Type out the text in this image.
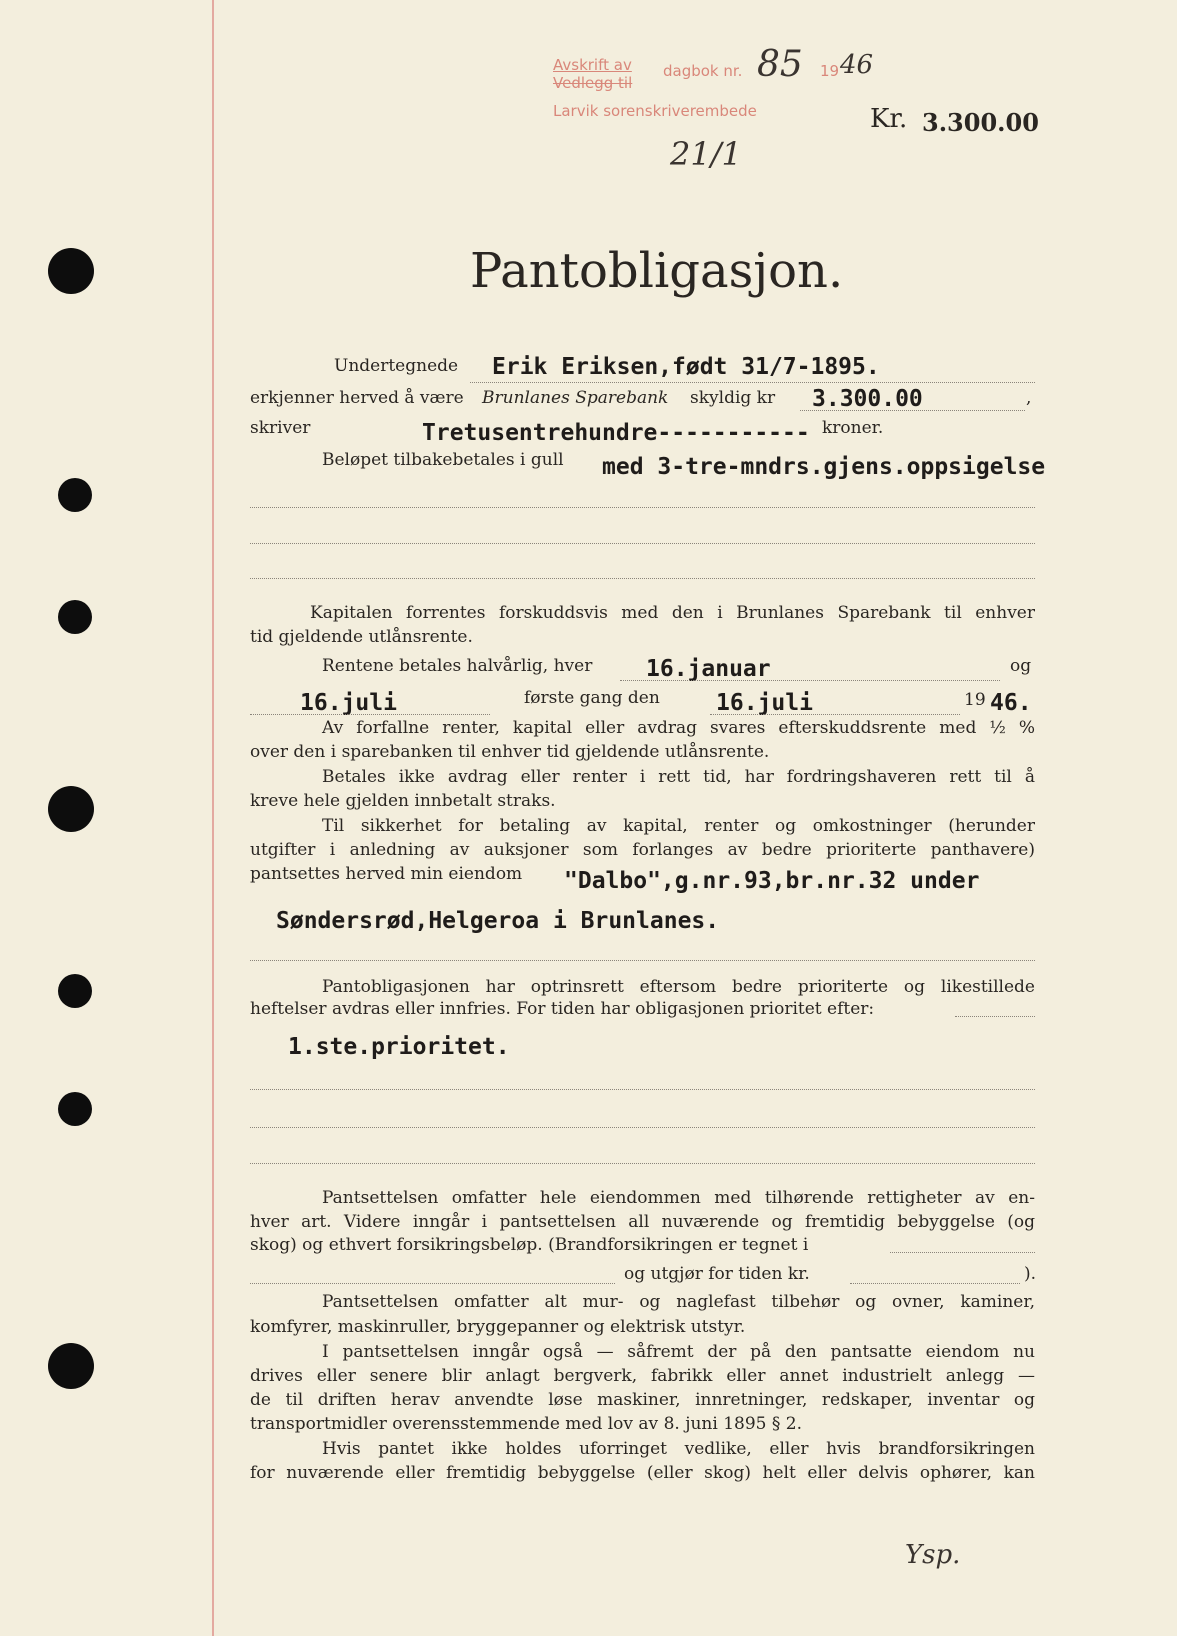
Avskrift av
Vedlegg til
dagbok nr. 85 19 46
Larvik sorenskriverembede	Kr. 3.300.00
21/1
Pantobligasjon.
Undertegnede Erik Eriksen,født 31/7-1895.
erkjenner herved å være Brunlanes Sparebank skyldig kr 3.300.00	,
skriver	Tretusentrehundre----------- kroner.
Beløpet tilbakebetales i gull med 3-tre-mndrs.gjens.oppsigelse
Kapitalen forrentes forskuddsvis med den i Brunlanes Sparebank til enhver
tid gjeldende utlånsrente.
Rentene betales halvårlig, hver 16.januar	og
16.juli	første gang den 16.juli	19 46.
Av forfallne renter, kapital eller avdrag svares efterskuddsrente med ½ %
over den i sparebanken til enhver tid gjeldende utlånsrente.
Betales ikke avdrag eller renter i rett tid, har fordringshaveren rett til å
kreve hele gjelden innbetalt straks.
Til sikkerhet for betaling av kapital, renter og omkostninger (herunder
utgifter i anledning av auksjoner som forlanges av bedre prioriterte panthavere)
pantsettes herved min eiendom "Dalbo",g.nr.93,br.nr.32 under
Søndersrød,Helgeroa i Brunlanes.
Pantobligasjonen har optrinsrett eftersom bedre prioriterte og likestillede
heftelser avdras eller innfries. For tiden har obligasjonen prioritet efter:
1.ste.prioritet.
Pantsettelsen omfatter hele eiendommen med tilhørende rettigheter av en-
hver art. Videre inngår i pantsettelsen all nuværende og fremtidig bebyggelse (og
skog) og ethvert forsikringsbeløp. (Brandforsikringen er tegnet i
og utgjør for tiden kr.	).
Pantsettelsen omfatter alt mur- og naglefast tilbehør og ovner, kaminer,
komfyrer, maskinruller, bryggepanner og elektrisk utstyr.
I pantsettelsen inngår også — såfremt der på den pantsatte eiendom nu
drives eller senere blir anlagt bergverk, fabrikk eller annet industrielt anlegg —
de til driften herav anvendte løse maskiner, innretninger, redskaper, inventar og
transportmidler overensstemmende med lov av 8. juni 1895 § 2.
Hvis pantet ikke holdes uforringet vedlike, eller hvis brandforsikringen
for nuværende eller fremtidig bebyggelse (eller skog) helt eller delvis ophører, kan
Ysp.
